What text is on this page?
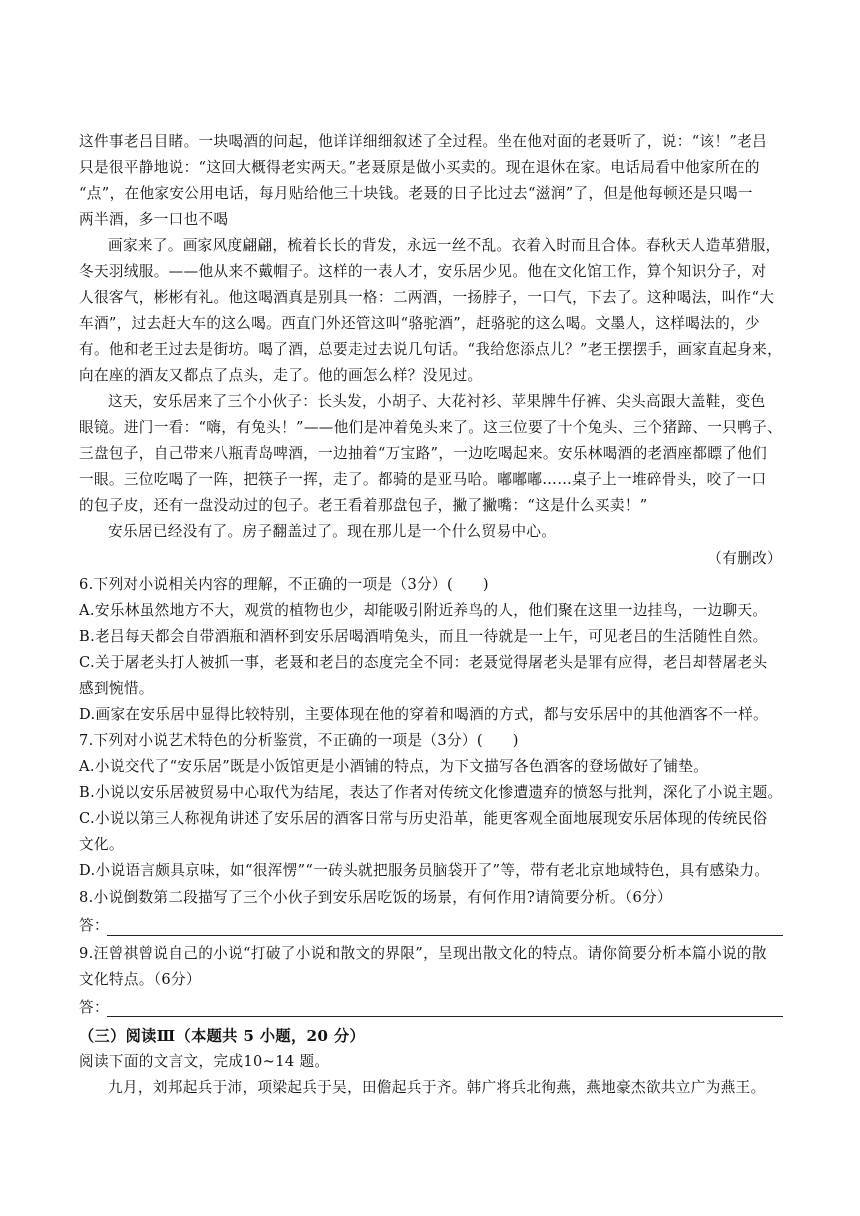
这件事老吕目睹。一块喝酒的问起，他详详细细叙述了全过程。坐在他对面的老聂听了，说：“该！”老吕
只是很平静地说：“这回大概得老实两天。”老聂原是做小买卖的。现在退休在家。电话局看中他家所在的
“点”，在他家安公用电话，每月贴给他三十块钱。老聂的日子比过去“滋润”了，但是他每顿还是只喝一
两半酒，多一口也不喝
画家来了。画家风度翩翩，梳着长长的背发，永远一丝不乱。衣着入时而且合体。春秋天人造革猎服，
冬天羽绒服。——他从来不戴帽子。这样的一表人才，安乐居少见。他在文化馆工作，算个知识分子，对
人很客气，彬彬有礼。他这喝酒真是别具一格：二两酒，一扬脖子，一口气，下去了。这种喝法，叫作“大
车酒”，过去赶大车的这么喝。西直门外还管这叫“骆驼酒”，赶骆驼的这么喝。文墨人，这样喝法的，少
有。他和老王过去是街坊。喝了酒，总要走过去说几句话。“我给您添点儿？”老王摆摆手，画家直起身来，
向在座的酒友又都点了点头，走了。他的画怎么样？没见过。
这天，安乐居来了三个小伙子：长头发，小胡子、大花衬衫、苹果牌牛仔裤、尖头高跟大盖鞋，变色
眼镜。进门一看：“嗨，有兔头！”——他们是冲着兔头来了。这三位要了十个兔头、三个猪蹄、一只鸭子、
三盘包子，自己带来八瓶青岛啤酒，一边抽着“万宝路”，一边吃喝起来。安乐林喝酒的老酒座都瞟了他们
一眼。三位吃喝了一阵，把筷子一挥，走了。都骑的是亚马哈。嘟嘟嘟……桌子上一堆碎骨头，咬了一口
的包子皮，还有一盘没动过的包子。老王看着那盘包子，撇了撇嘴：“这是什么买卖！”
安乐居已经没有了。房子翻盖过了。现在那儿是一个什么贸易中心。
（有删改）
6.下列对小说相关内容的理解，不正确的一项是（3分）(　　)
A.安乐林虽然地方不大，观赏的植物也少，却能吸引附近养鸟的人，他们聚在这里一边挂鸟，一边聊天。
B.老吕每天都会自带酒瓶和酒杯到安乐居喝酒啃兔头，而且一待就是一上午，可见老吕的生活随性自然。
C.关于屠老头打人被抓一事，老聂和老吕的态度完全不同：老聂觉得屠老头是罪有应得，老吕却替屠老头
感到惋惜。
D.画家在安乐居中显得比较特别，主要体现在他的穿着和喝酒的方式，都与安乐居中的其他酒客不一样。
7.下列对小说艺术特色的分析鉴赏，不正确的一项是（3分）(　　)
A.小说交代了“安乐居”既是小饭馆更是小酒铺的特点，为下文描写各色酒客的登场做好了铺垫。
B.小说以安乐居被贸易中心取代为结尾，表达了作者对传统文化惨遭遗弃的愤怒与批判，深化了小说主题。
C.小说以第三人称视角讲述了安乐居的酒客日常与历史沿革，能更客观全面地展现安乐居体现的传统民俗
文化。
D.小说语言颇具京味，如“很浑愣”“一砖头就把服务员脑袋开了”等，带有老北京地域特色，具有感染力。
8.小说倒数第二段描写了三个小伙子到安乐居吃饭的场景，有何作用?请简要分析。（6分）
答：
9.汪曾祺曾说自己的小说“打破了小说和散文的界限”，呈现出散文化的特点。请你简要分析本篇小说的散
文化特点。（6分）
答：
（三）阅读Ⅲ（本题共 5 小题，20 分）
阅读下面的文言文，完成10~14 题。
九月，刘邦起兵于沛，项梁起兵于吴，田儋起兵于齐。韩广将兵北徇燕，燕地豪杰欲共立广为燕王。
